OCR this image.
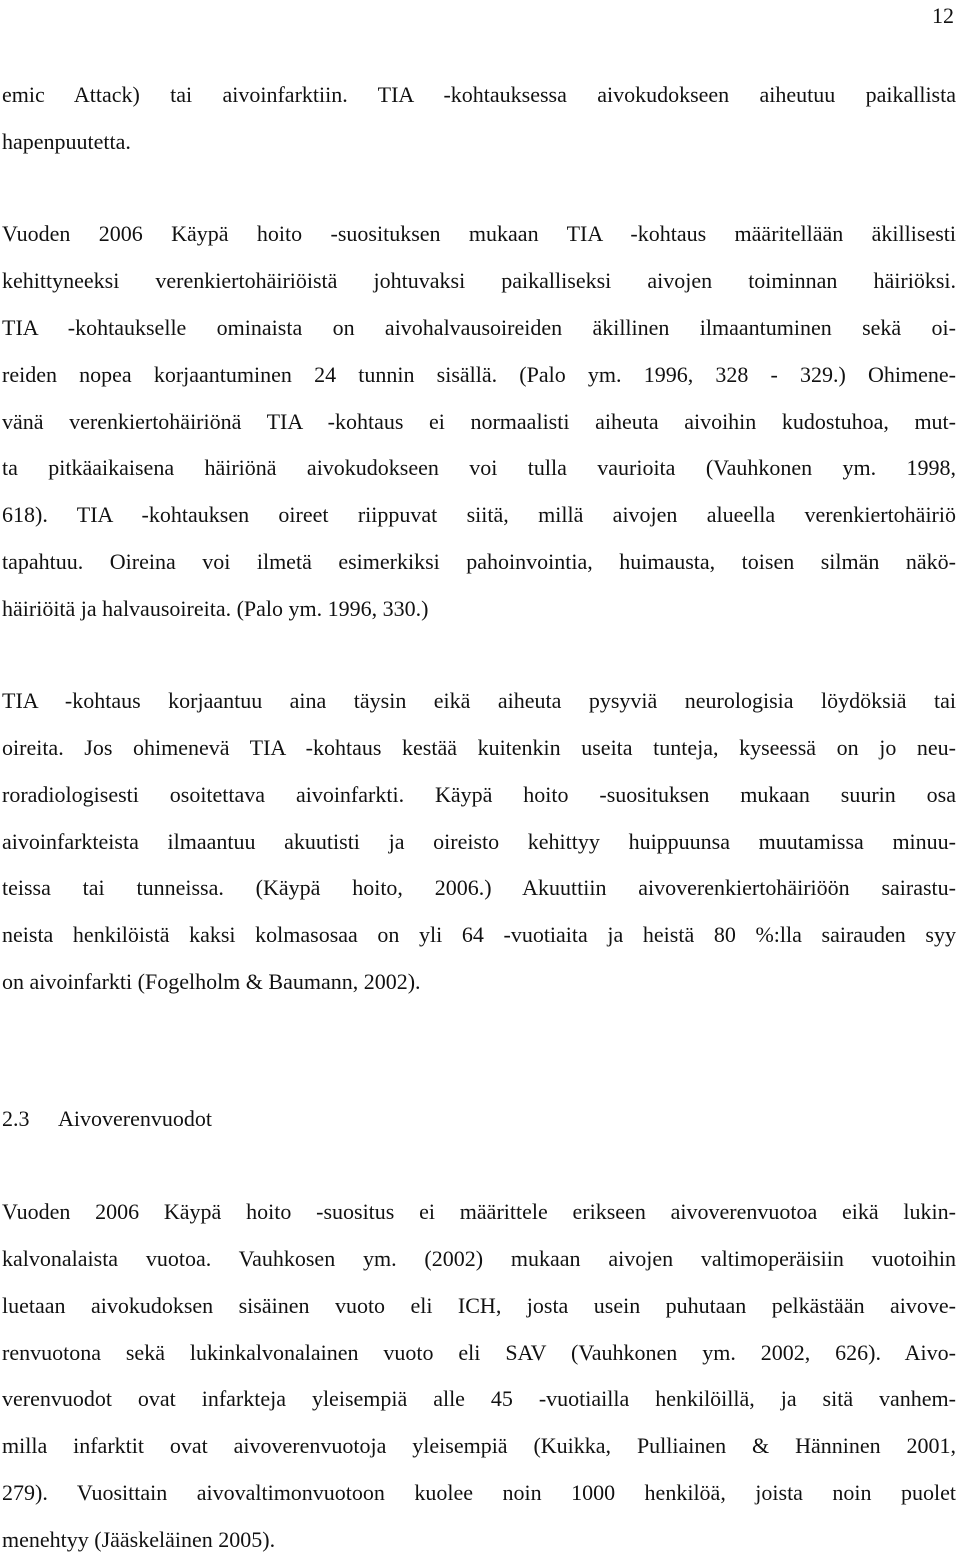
12
emic Attack) tai aivoinfarktiin. TIA -kohtauksessa aivokudokseen aiheutuu paikallista
hapenpuutetta.
Vuoden 2006 Käypä hoito -suosituksen mukaan TIA -kohtaus määritellään äkillisesti
kehittyneeksi verenkiertohäiriöistä johtuvaksi paikalliseksi aivojen toiminnan häiriöksi.
TIA -kohtaukselle ominaista on aivohalvausoireiden äkillinen ilmaantuminen sekä oi-
reiden nopea korjaantuminen 24 tunnin sisällä. (Palo ym. 1996, 328 - 329.) Ohimene-
vänä verenkiertohäiriönä TIA -kohtaus ei normaalisti aiheuta aivoihin kudostuhoa, mut-
ta pitkäaikaisena häiriönä aivokudokseen voi tulla vaurioita (Vauhkonen ym. 1998,
618). TIA -kohtauksen oireet riippuvat siitä, millä aivojen alueella verenkiertohäiriö
tapahtuu. Oireina voi ilmetä esimerkiksi pahoinvointia, huimausta, toisen silmän näkö-
häiriöitä ja halvausoireita. (Palo ym. 1996, 330.)
TIA -kohtaus korjaantuu aina täysin eikä aiheuta pysyviä neurologisia löydöksiä tai
oireita. Jos ohimenevä TIA -kohtaus kestää kuitenkin useita tunteja, kyseessä on jo neu-
roradiologisesti osoitettava aivoinfarkti. Käypä hoito -suosituksen mukaan suurin osa
aivoinfarkteista ilmaantuu akuutisti ja oireisto kehittyy huippuunsa muutamissa minuu-
teissa tai tunneissa. (Käypä hoito, 2006.) Akuuttiin aivoverenkiertohäiriöön sairastu-
neista henkilöistä kaksi kolmasosaa on yli 64 -vuotiaita ja heistä 80 %:lla sairauden syy
on aivoinfarkti (Fogelholm & Baumann, 2002).
2.3 Aivoverenvuodot
Vuoden 2006 Käypä hoito -suositus ei määrittele erikseen aivoverenvuotoa eikä lukin-
kalvonalaista vuotoa. Vauhkosen ym. (2002) mukaan aivojen valtimoperäisiin vuotoihin
luetaan aivokudoksen sisäinen vuoto eli ICH, josta usein puhutaan pelkästään aivove-
renvuotona sekä lukinkalvonalainen vuoto eli SAV (Vauhkonen ym. 2002, 626). Aivo-
verenvuodot ovat infarkteja yleisempiä alle 45 -vuotiailla henkilöillä, ja sitä vanhem-
milla infarktit ovat aivoverenvuotoja yleisempiä (Kuikka, Pulliainen & Hänninen 2001,
279). Vuosittain aivovaltimonvuotoon kuolee noin 1000 henkilöä, joista noin puolet
menehtyy (Jääskeläinen 2005).
